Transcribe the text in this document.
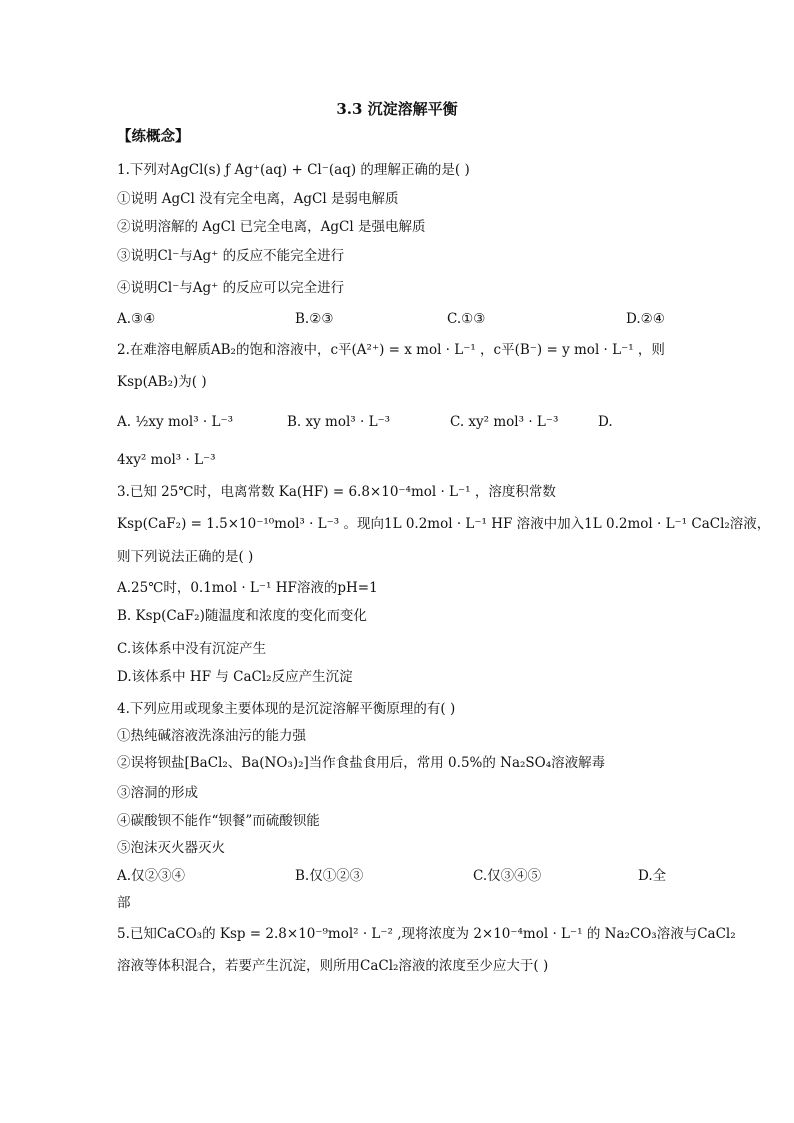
3.3 沉淀溶解平衡
【练概念】
1.下列对AgCl(s) ƒ Ag⁺(aq) + Cl⁻(aq) 的理解正确的是( )
①说明 AgCl 没有完全电离，AgCl 是弱电解质
②说明溶解的 AgCl 已完全电离，AgCl 是强电解质
③说明Cl⁻与Ag⁺ 的反应不能完全进行
④说明Cl⁻与Ag⁺ 的反应可以完全进行
A.③④	B.②③	C.①③	D.②④
2.在难溶电解质AB₂的饱和溶液中，c平(A²⁺) = x mol · L⁻¹ ，c平(B⁻) = y mol · L⁻¹ ，则
Ksp(AB₂)为( )
A. ½xy mol³ · L⁻³	B. xy mol³ · L⁻³	C. xy² mol³ · L⁻³	D.
4xy² mol³ · L⁻³
3.已知 25℃时，电离常数 Ka(HF) = 6.8×10⁻⁴mol · L⁻¹ ，溶度积常数
Ksp(CaF₂) = 1.5×10⁻¹⁰mol³ · L⁻³ 。现向1L 0.2mol · L⁻¹ HF 溶液中加入1L 0.2mol · L⁻¹ CaCl₂溶液，
则下列说法正确的是( )
A.25℃时，0.1mol · L⁻¹ HF溶液的pH=1
B. Ksp(CaF₂)随温度和浓度的变化而变化
C.该体系中没有沉淀产生
D.该体系中 HF 与 CaCl₂反应产生沉淀
4.下列应用或现象主要体现的是沉淀溶解平衡原理的有( )
①热纯碱溶液洗涤油污的能力强
②误将钡盐[BaCl₂、Ba(NO₃)₂]当作食盐食用后，常用 0.5%的 Na₂SO₄溶液解毒
③溶洞的形成
④碳酸钡不能作“钡餐”而硫酸钡能
⑤泡沫灭火器灭火
A.仅②③④	B.仅①②③	C.仅③④⑤	D.全
部
5.已知CaCO₃的 Ksp = 2.8×10⁻⁹mol² · L⁻² ,现将浓度为 2×10⁻⁴mol · L⁻¹ 的 Na₂CO₃溶液与CaCl₂
溶液等体积混合，若要产生沉淀，则所用CaCl₂溶液的浓度至少应大于( )
